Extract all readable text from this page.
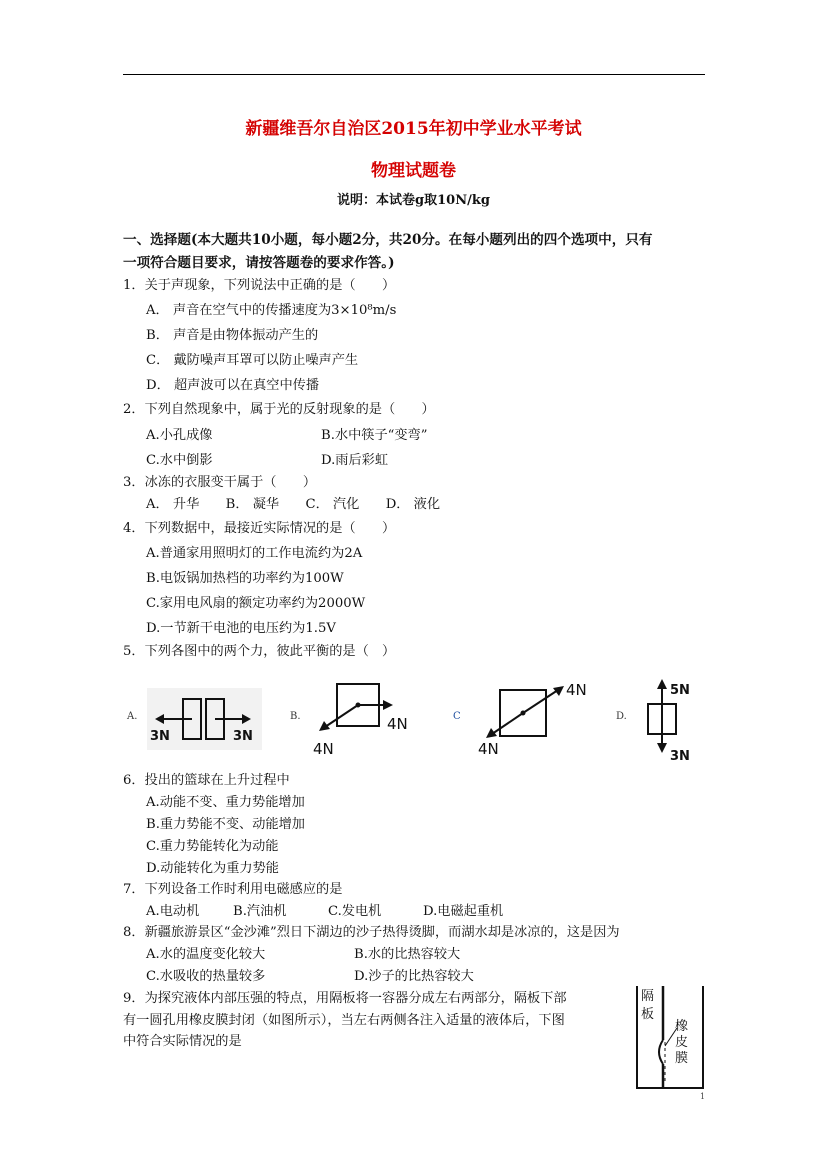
新疆维吾尔自治区2015年初中学业水平考试
物理试题卷
说明：本试卷g取10N/kg
一、选择题(本大题共10小题，每小题2分，共20分。在每小题列出的四个选项中，只有
一项符合题目要求，请按答题卷的要求作答。)
1．关于声现象，下列说法中正确的是（　　）
A． 声音在空气中的传播速度为3×10⁸m/s
B． 声音是由物体振动产生的
C． 戴防噪声耳罩可以防止噪声产生
D． 超声波可以在真空中传播
2．下列自然现象中，属于光的反射现象的是（　　）
A.小孔成像	B.水中筷子“变弯”
C.水中倒影	D.雨后彩虹
3．冰冻的衣服变干属于（　　）
A． 升华　　B． 凝华　　C． 汽化　　D． 液化
4．下列数据中，最接近实际情况的是（　　）
A.普通家用照明灯的工作电流约为2A
B.电饭锅加热档的功率约为100W
C.家用电风扇的额定功率约为2000W
D.一节新干电池的电压约为1.5V
5．下列各图中的两个力，彼此平衡的是（　）
A.
3N	3N
B.	4N
4N
C
4N
4N
D.
5N
3N
6．投出的篮球在上升过程中
A.动能不变、重力势能增加
B.重力势能不变、动能增加
C.重力势能转化为动能
D.动能转化为重力势能
7．下列设备工作时利用电磁感应的是
A.电动机	B.汽油机	C.发电机	D.电磁起重机
8．新疆旅游景区“金沙滩”烈日下湖边的沙子热得烫脚，而湖水却是冰凉的，这是因为
A.水的温度变化较大	B.水的比热容较大
C.水吸收的热量较多	D.沙子的比热容较大
9．为探究液体内部压强的特点，用隔板将一容器分成左右两部分，隔板下部
有一圆孔用橡皮膜封闭（如图所示），当左右两侧各注入适量的液体后，下图
中符合实际情况的是
隔
板
橡
皮
膜
1
